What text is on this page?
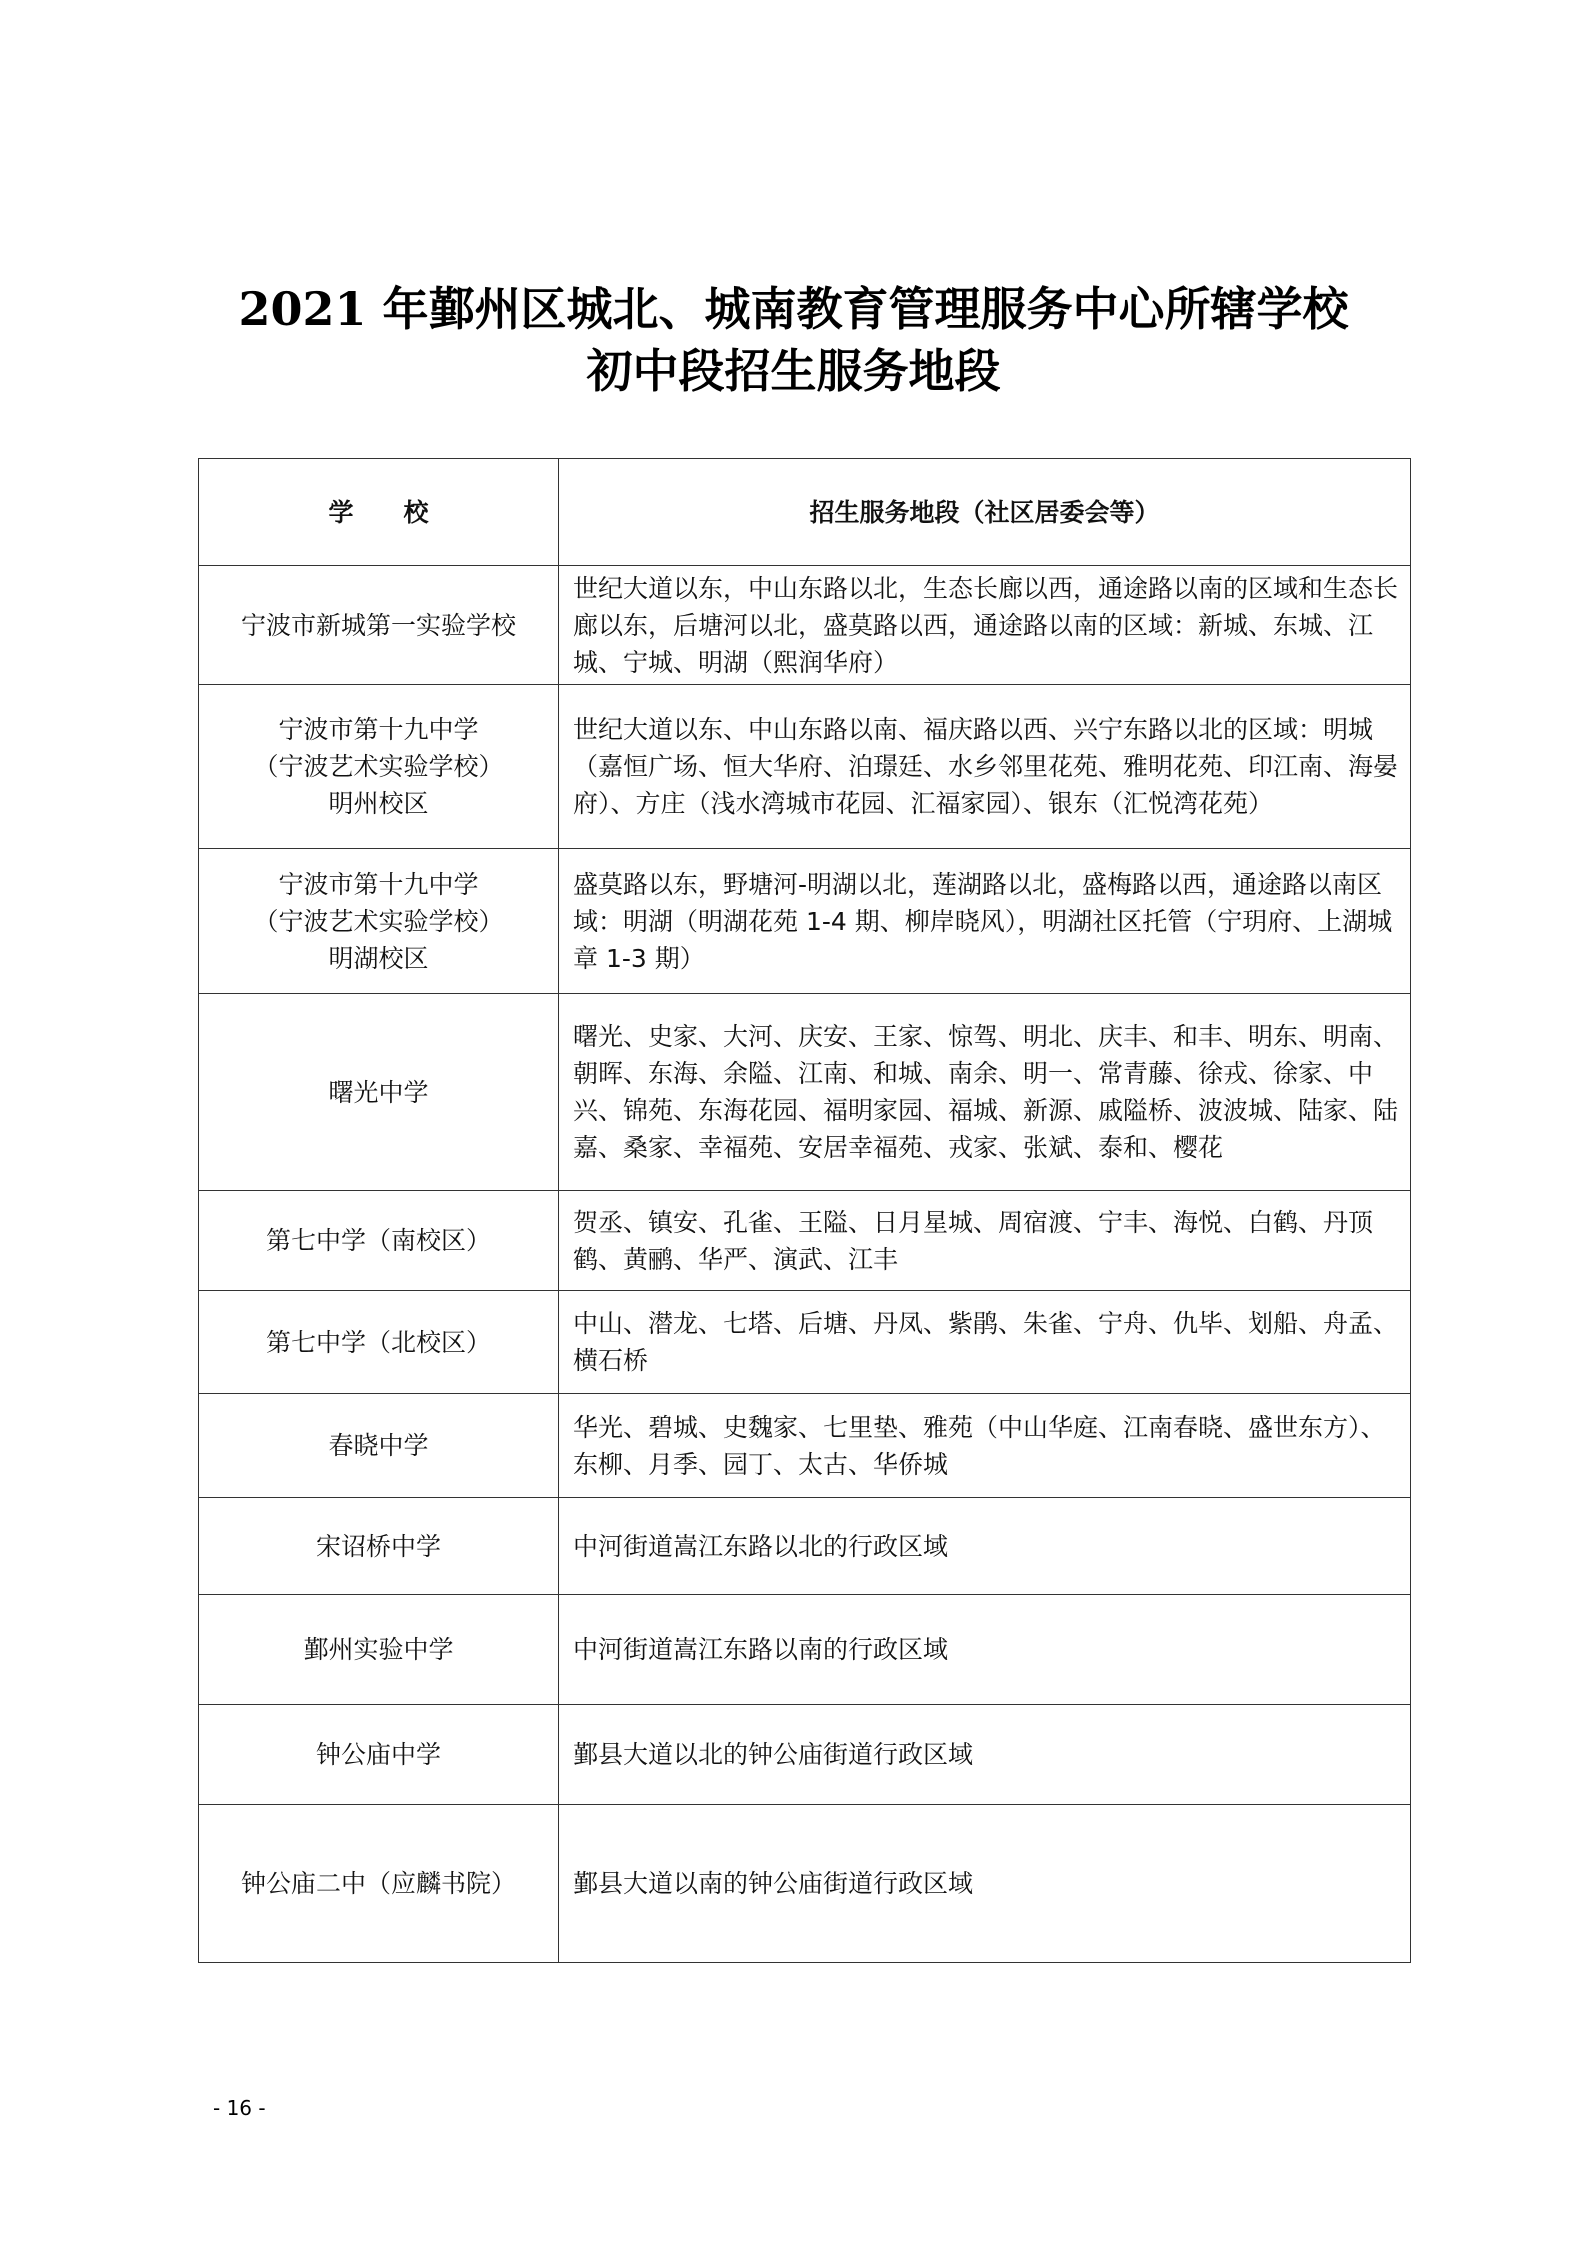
2021 年鄞州区城北、城南教育管理服务中心所辖学校
初中段招生服务地段
学　　校	招生服务地段（社区居委会等）

宁波市新城第一实验学校	世纪大道以东，中山东路以北，生态长廊以西，通途路以南的区域和生态长廊以东，后塘河以北，盛莫路以西，通途路以南的区域：新城、东城、江城、宁城、明湖（熙润华府）

宁波市第十九中学
（宁波艺术实验学校）
明州校区	世纪大道以东、中山东路以南、福庆路以西、兴宁东路以北的区域：明城（嘉恒广场、恒大华府、泊璟廷、水乡邻里花苑、雅明花苑、印江南、海晏府）、方庄（浅水湾城市花园、汇福家园）、银东（汇悦湾花苑）

宁波市第十九中学
（宁波艺术实验学校）
明湖校区	盛莫路以东，野塘河-明湖以北，莲湖路以北，盛梅路以西，通途路以南区域：明湖（明湖花苑 1-4 期、柳岸晓风），明湖社区托管（宁玥府、上湖城章 1-3 期）

曙光中学	曙光、史家、大河、庆安、王家、惊驾、明北、庆丰、和丰、明东、明南、朝晖、东海、余隘、江南、和城、南余、明一、常青藤、徐戎、徐家、中兴、锦苑、东海花园、福明家园、福城、新源、戚隘桥、波波城、陆家、陆嘉、桑家、幸福苑、安居幸福苑、戎家、张斌、泰和、樱花

第七中学（南校区）	贺丞、镇安、孔雀、王隘、日月星城、周宿渡、宁丰、海悦、白鹤、丹顶鹤、黄鹂、华严、演武、江丰

第七中学（北校区）	中山、潜龙、七塔、后塘、丹凤、紫鹃、朱雀、宁舟、仇毕、划船、舟孟、横石桥

春晓中学	华光、碧城、史魏家、七里垫、雅苑（中山华庭、江南春晓、盛世东方）、东柳、月季、园丁、太古、华侨城

宋诏桥中学	中河街道嵩江东路以北的行政区域

鄞州实验中学	中河街道嵩江东路以南的行政区域

钟公庙中学	鄞县大道以北的钟公庙街道行政区域

钟公庙二中（应麟书院）	鄞县大道以南的钟公庙街道行政区域
- 16 -
